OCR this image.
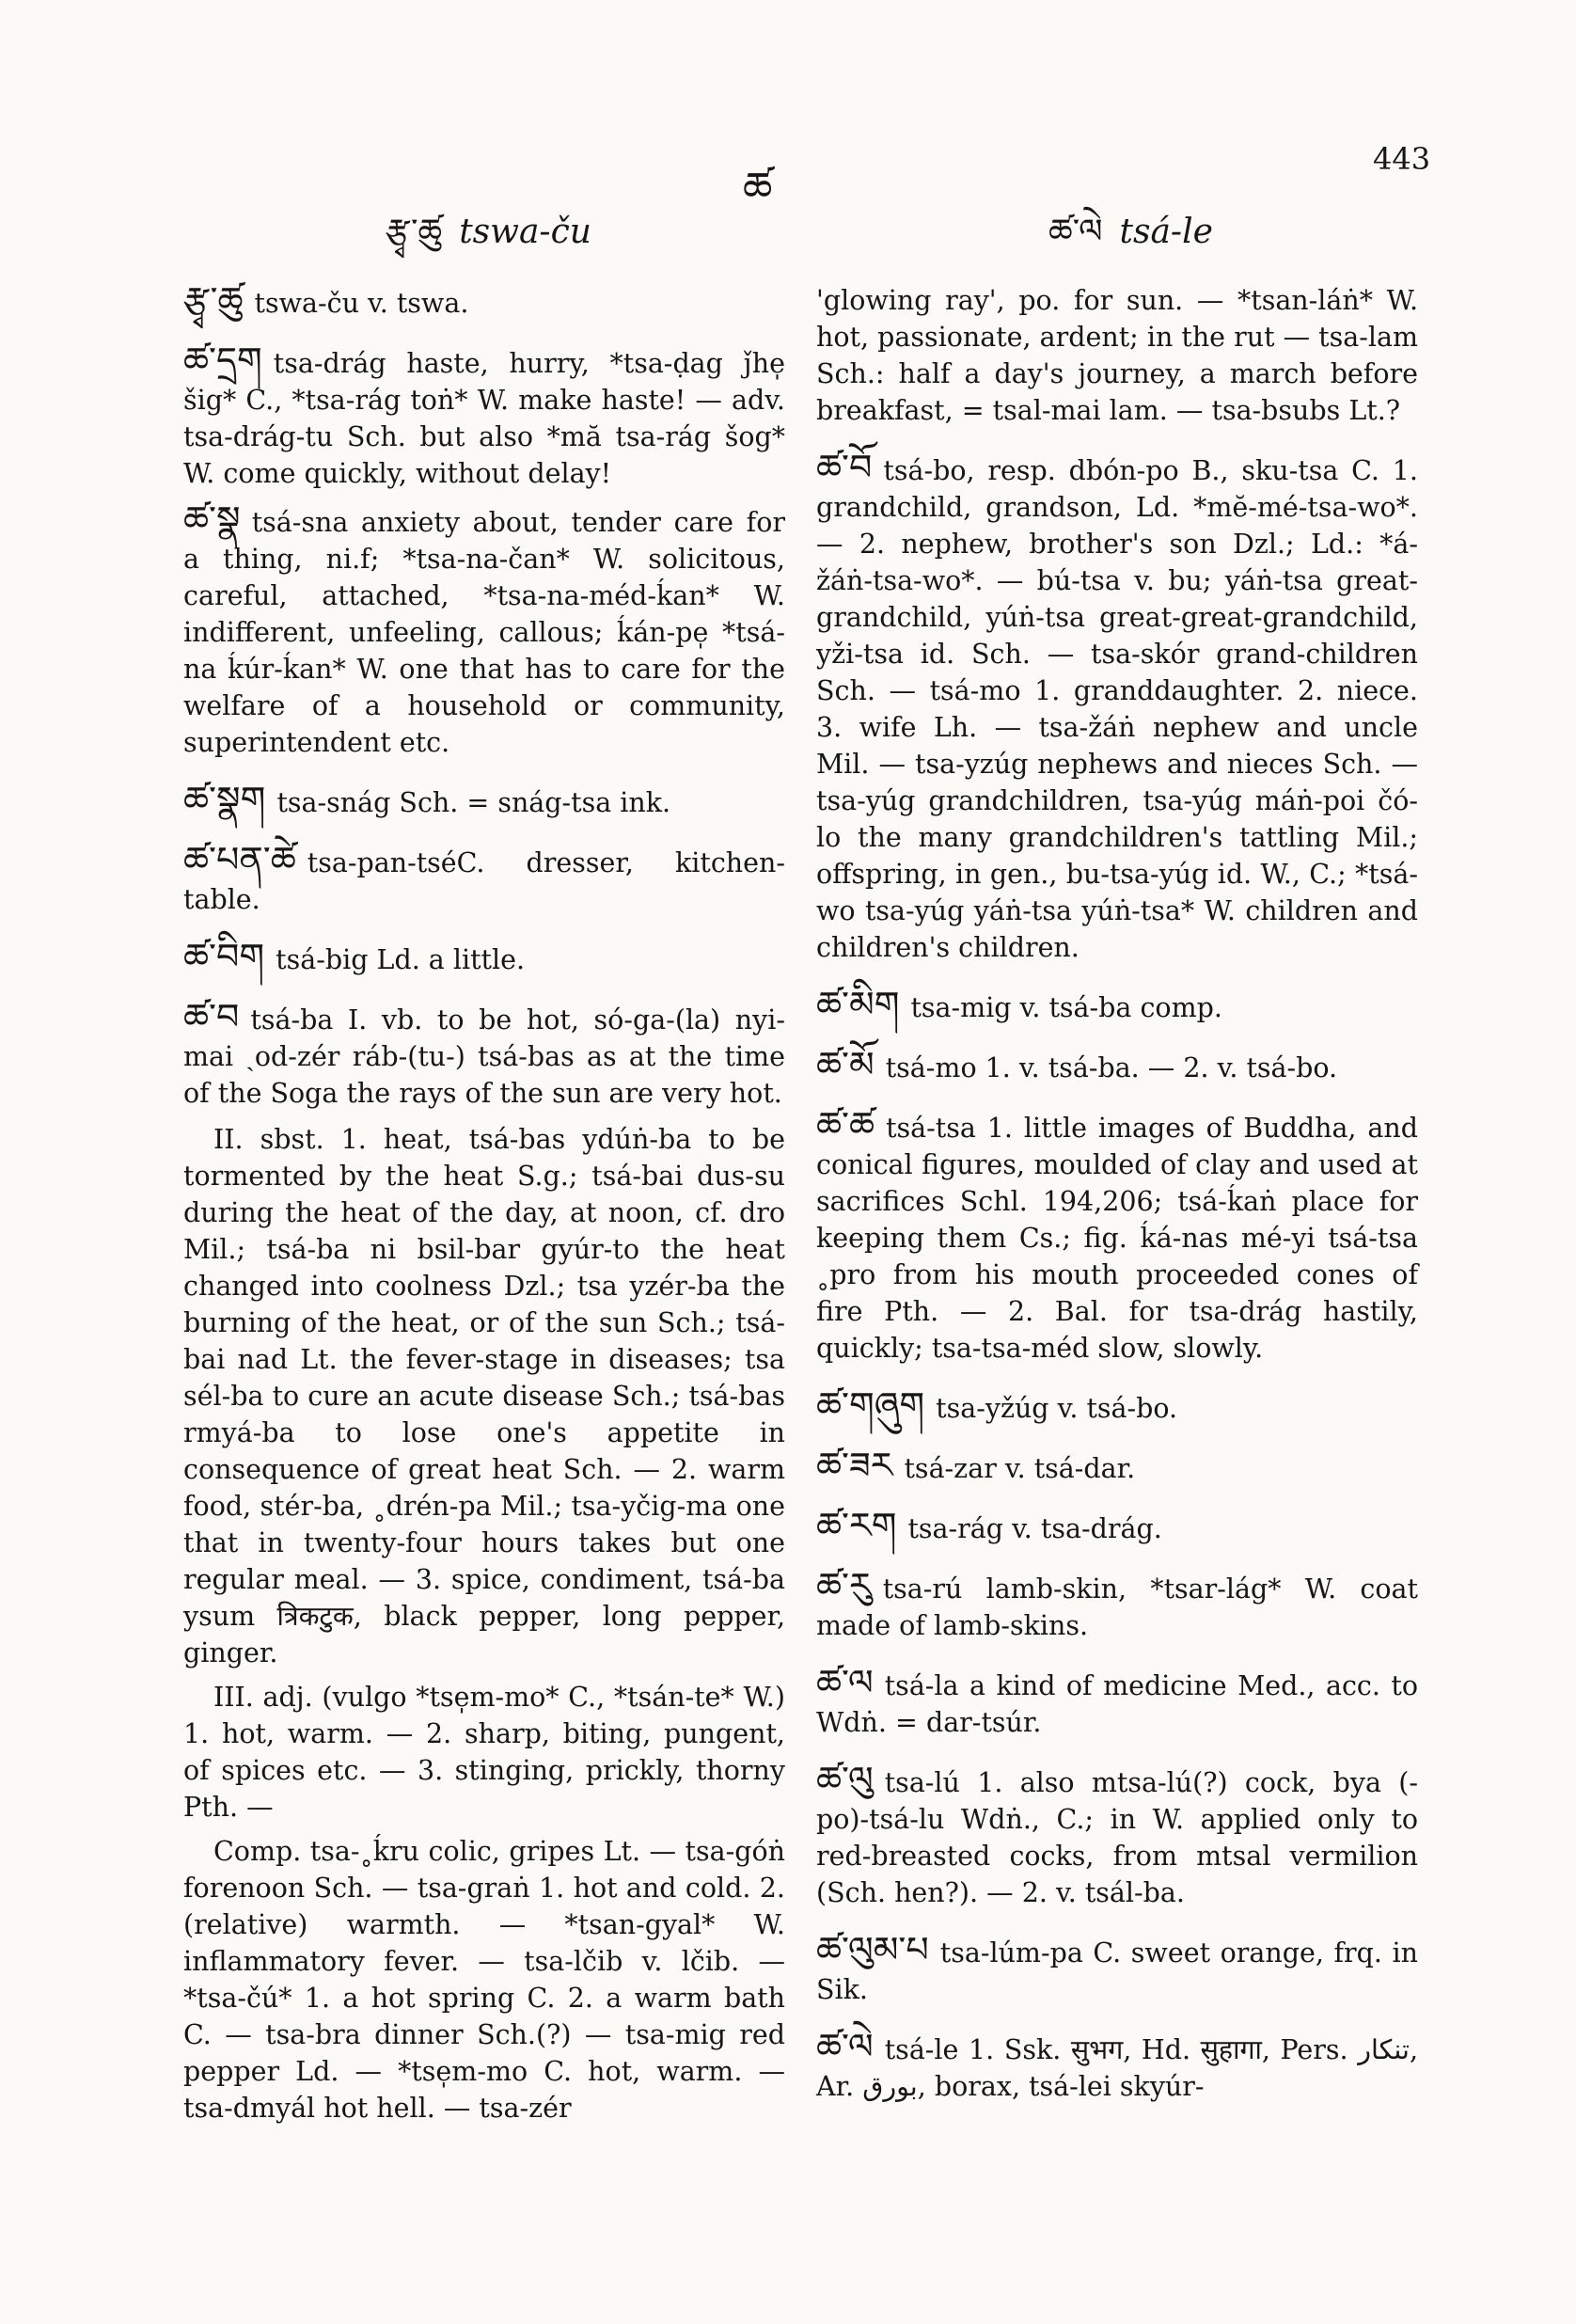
རྩྭ་ཚུ tswa-ču
ཚ
ཚ་ལེ tsá-le
443

རྩྭ་ཚུ tswa-ču v. tswa.

ཚ་དྲག tsa-drág haste, hurry, *tsa-ḍag ǰhe̩ šig* C., *tsa-rág toṅ* W. make haste! — adv. tsa-drág-tu Sch. but also *mă tsa-rág šog* W. come quickly, without delay!

ཚ་སྣ tsá-sna anxiety about, tender care for a thing, ni.f; *tsa-na-čan* W. solicitous, careful, attached, *tsa-na-méd-ḱan* W. indifferent, unfeeling, callous; ḱán-pe̩ *tsá-na ḱúr-ḱan* W. one that has to care for the welfare of a household or community, superintendent etc.

ཚ་སྣག tsa-snág Sch. = snág-tsa ink.

ཚ་པན་ཚེ tsa-pan-tséC. dresser, kitchen-table.

ཚ་བིག tsá-big Ld. a little.

ཚ་བ tsá-ba I. vb. to be hot, só-ga-(la) nyi-mai ˏod-zér ráb-(tu-) tsá-bas as at the time of the Soga the rays of the sun are very hot.

II. sbst. 1. heat, tsá-bas ydúṅ-ba to be tormented by the heat S.g.; tsá-bai dus-su during the heat of the day, at noon, cf. dro Mil.; tsá-ba ni bsil-bar gyúr-to the heat changed into coolness Dzl.; tsa yzér-ba the burning of the heat, or of the sun Sch.; tsá-bai nad Lt. the fever-stage in diseases; tsa sél-ba to cure an acute disease Sch.; tsá-bas rmyá-ba to lose one's appetite in consequence of great heat Sch. — 2. warm food, stér-ba, ˳drén-pa Mil.; tsa-yčig-ma one that in twenty-four hours takes but one regular meal. — 3. spice, condiment, tsá-ba ysum त्रिकटुक, black pepper, long pepper, ginger.

III. adj. (vulgo *tse̩m-mo* C., *tsán-te* W.) 1. hot, warm. — 2. sharp, biting, pungent, of spices etc. — 3. stinging, prickly, thorny Pth. —

Comp. tsa-˳ḱru colic, gripes Lt. — tsa-góṅ forenoon Sch. — tsa-graṅ 1. hot and cold. 2. (relative) warmth. — *tsan-gyal* W. inflammatory fever. — tsa-lčib v. lčib. — *tsa-čú* 1. a hot spring C. 2. a warm bath C. — tsa-bra dinner Sch.(?) — tsa-mig red pepper Ld. — *tse̩m-mo C. hot, warm. — tsa-dmyál hot hell. — tsa-zér

'glowing ray', po. for sun. — *tsan-láṅ* W. hot, passionate, ardent; in the rut — tsa-lam Sch.: half a day's journey, a march before breakfast, = tsal-mai lam. — tsa-bsubs Lt.?

ཚ་བོ tsá-bo, resp. dbón-po B., sku-tsa C. 1. grandchild, grandson, Ld. *mĕ-mé-tsa-wo*. — 2. nephew, brother's son Dzl.; Ld.: *á-žáṅ-tsa-wo*. — bú-tsa v. bu; yáṅ-tsa great-grandchild, yúṅ-tsa great-great-grandchild, yži-tsa id. Sch. — tsa-skór grand-children Sch. — tsá-mo 1. granddaughter. 2. niece. 3. wife Lh. — tsa-žáṅ nephew and uncle Mil. — tsa-yzúg nephews and nieces Sch. — tsa-yúg grandchildren, tsa-yúg máṅ-poi čó-lo the many grandchildren's tattling Mil.; offspring, in gen., bu-tsa-yúg id. W., C.; *tsá-wo tsa-yúg yáṅ-tsa yúṅ-tsa* W. children and children's children.

ཚ་མིག tsa-mig v. tsá-ba comp.

ཚ་མོ tsá-mo 1. v. tsá-ba. — 2. v. tsá-bo.

ཚ་ཚ tsá-tsa 1. little images of Buddha, and conical figures, moulded of clay and used at sacrifices Schl. 194,206; tsá-ḱaṅ place for keeping them Cs.; fig. ḱá-nas mé-yi tsá-tsa ˳pro from his mouth proceeded cones of fire Pth. — 2. Bal. for tsa-drág hastily, quickly; tsa-tsa-méd slow, slowly.

ཚ་གཞུག tsa-yžúg v. tsá-bo.

ཚ་ཟར tsá-zar v. tsá-dar.

ཚ་རག tsa-rág v. tsa-drág.

ཚ་རུ tsa-rú lamb-skin, *tsar-lág* W. coat made of lamb-skins.

ཚ་ལ tsá-la a kind of medicine Med., acc. to Wdṅ. = dar-tsúr.

ཚ་ལུ tsa-lú 1. also mtsa-lú(?) cock, bya (-po)-tsá-lu Wdṅ., C.; in W. applied only to red-breasted cocks, from mtsal vermilion (Sch. hen?). — 2. v. tsál-ba.

ཚ་ལུམ་པ tsa-lúm-pa C. sweet orange, frq. in Sik.

ཚ་ལེ tsá-le 1. Ssk. सुभग, Hd. सुहागा, Pers. تنکار, Ar. بورق, borax, tsá-lei skyúr-
